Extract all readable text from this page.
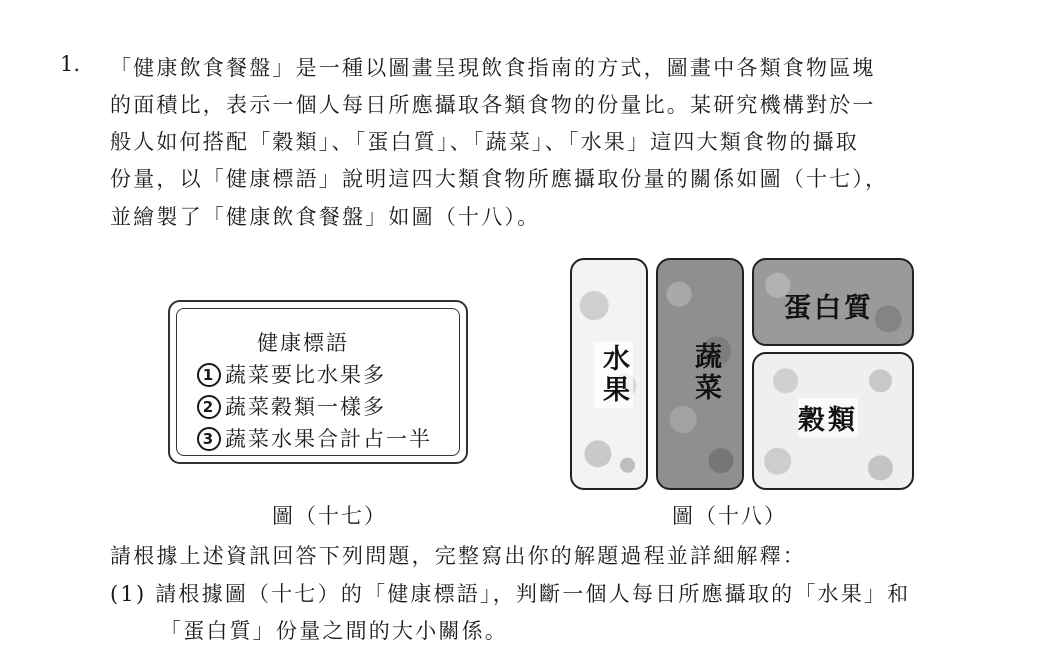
1. 「健康飲食餐盤」是一種以圖畫呈現飲食指南的方式，圖畫中各類食物區塊
的面積比，表示一個人每日所應攝取各類食物的份量比。某研究機構對於一
般人如何搭配「穀類」、「蛋白質」、「蔬菜」、「水果」這四大類食物的攝取
份量，以「健康標語」說明這四大類食物所應攝取份量的關係如圖（十七），
並繪製了「健康飲食餐盤」如圖（十八）。
健康標語
1 蔬菜要比水果多
2 蔬菜穀類一樣多
3 蔬菜水果合計占一半
圖（十七）
水果 蔬菜
蛋白質
穀類
圖（十八）
請根據上述資訊回答下列問題，完整寫出你的解題過程並詳細解釋：
(1) 請根據圖（十七）的「健康標語」，判斷一個人每日所應攝取的「水果」和
「蛋白質」份量之間的大小關係。
